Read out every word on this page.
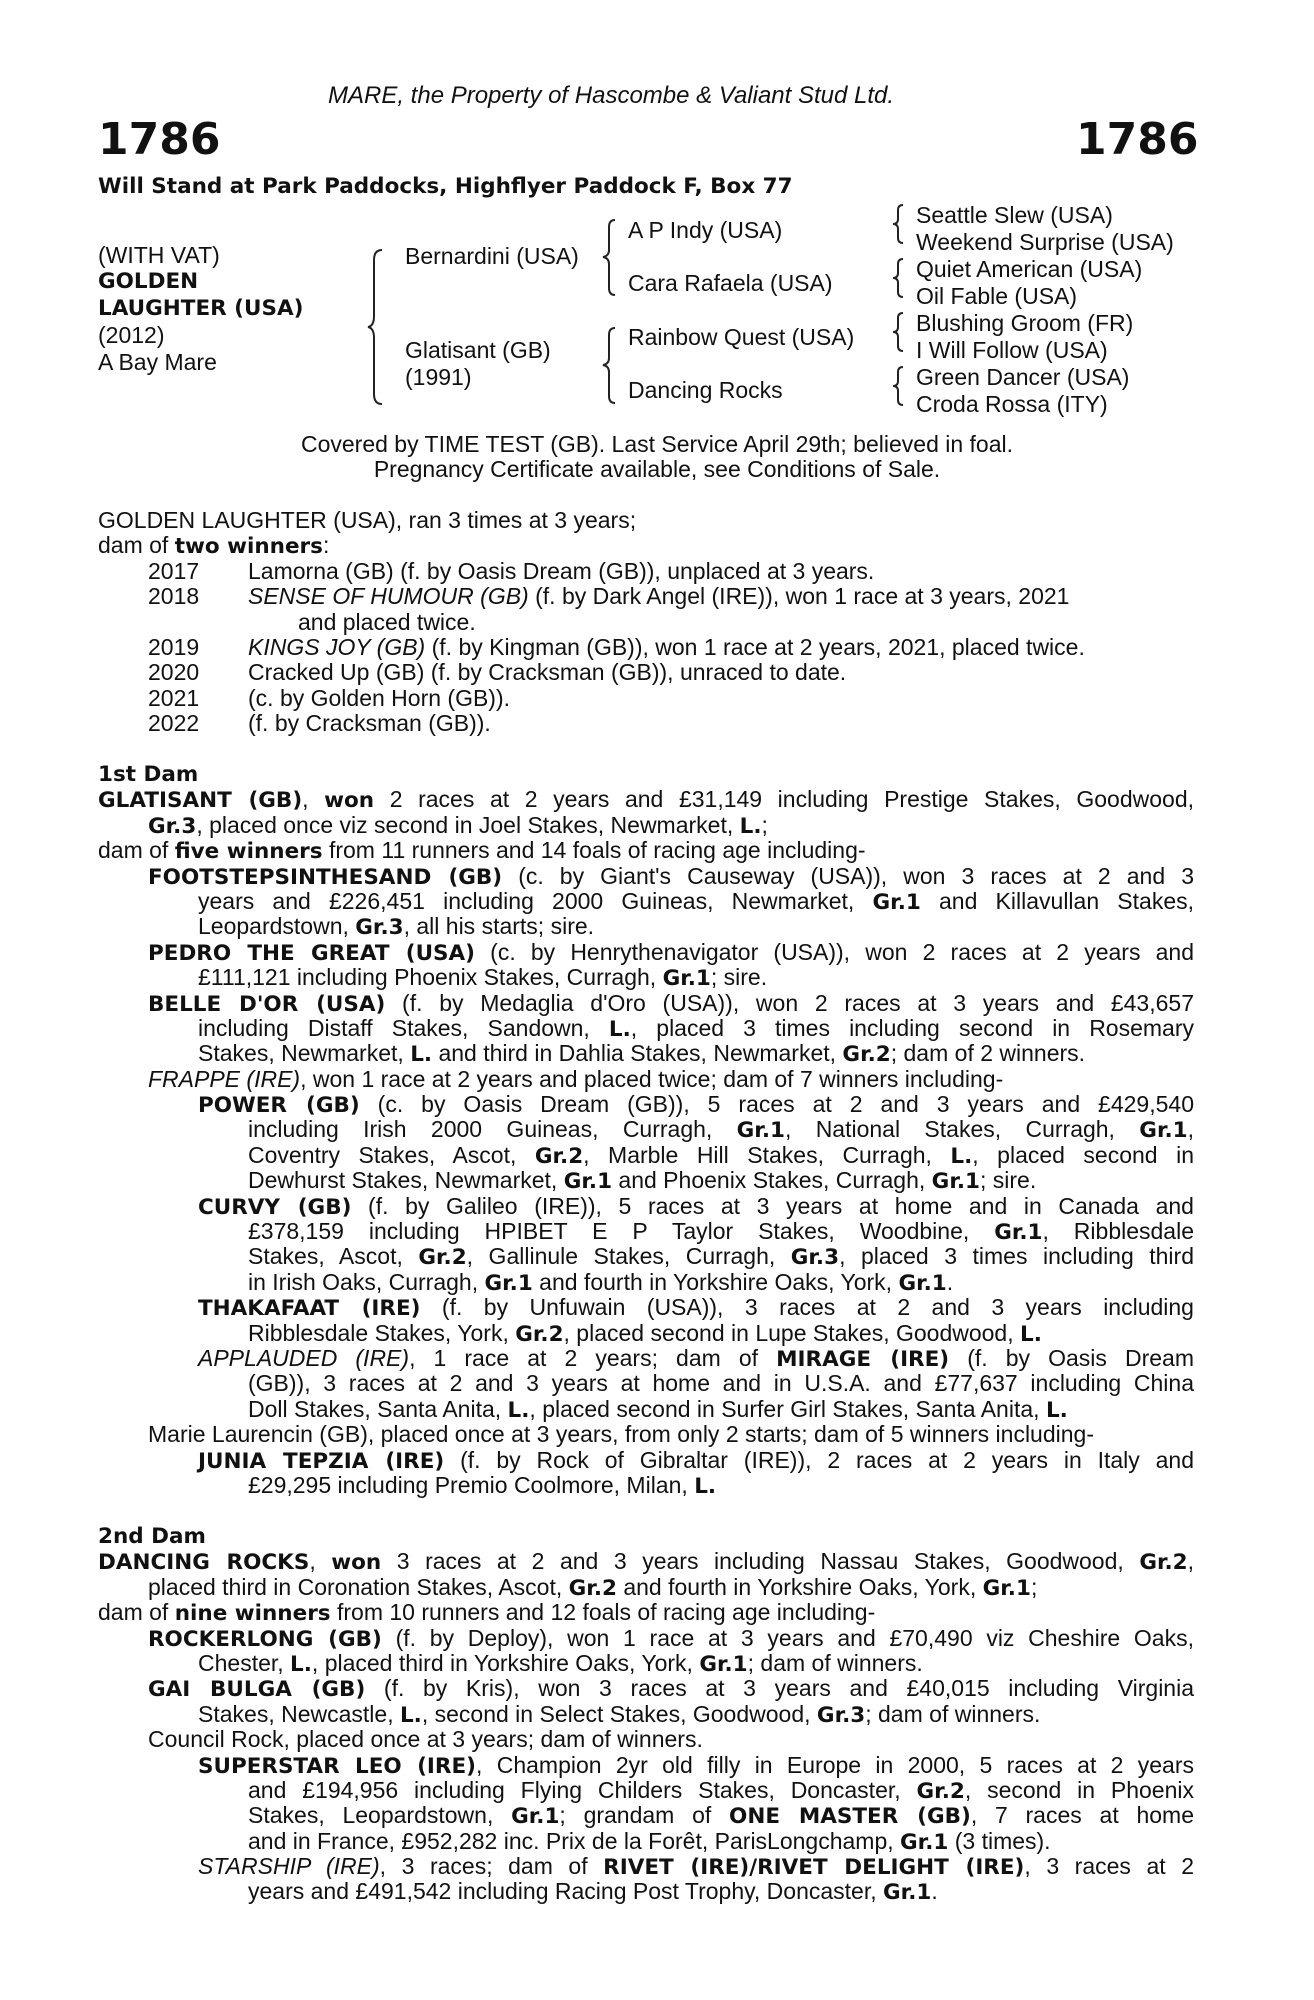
MARE, the Property of Hascombe & Valiant Stud Ltd.
1786	1786
Will Stand at Park Paddocks, Highflyer Paddock F, Box 77
(WITH VAT)
GOLDEN
LAUGHTER (USA)
(2012)
A Bay Mare
Bernardini (USA)
Glatisant (GB)
(1991)
A P Indy (USA)
Cara Rafaela (USA)
Rainbow Quest (USA)
Dancing Rocks
Seattle Slew (USA)
Weekend Surprise (USA)
Quiet American (USA)
Oil Fable (USA)
Blushing Groom (FR)
I Will Follow (USA)
Green Dancer (USA)
Croda Rossa (ITY)
Covered by TIME TEST (GB). Last Service April 29th; believed in foal.
Pregnancy Certificate available, see Conditions of Sale.
GOLDEN LAUGHTER (USA), ran 3 times at 3 years;
dam of two winners:
2017 Lamorna (GB) (f. by Oasis Dream (GB)), unplaced at 3 years.
2018 SENSE OF HUMOUR (GB) (f. by Dark Angel (IRE)), won 1 race at 3 years, 2021
and placed twice.
2019 KINGS JOY (GB) (f. by Kingman (GB)), won 1 race at 2 years, 2021, placed twice.
2020 Cracked Up (GB) (f. by Cracksman (GB)), unraced to date.
2021 (c. by Golden Horn (GB)).
2022 (f. by Cracksman (GB)).
1st Dam
GLATISANT (GB), won 2 races at 2 years and £31,149 including Prestige Stakes, Goodwood,
Gr.3, placed once viz second in Joel Stakes, Newmarket, L.;
dam of five winners from 11 runners and 14 foals of racing age including-
FOOTSTEPSINTHESAND (GB) (c. by Giant's Causeway (USA)), won 3 races at 2 and 3
years and £226,451 including 2000 Guineas, Newmarket, Gr.1 and Killavullan Stakes,
Leopardstown, Gr.3, all his starts; sire.
PEDRO THE GREAT (USA) (c. by Henrythenavigator (USA)), won 2 races at 2 years and
£111,121 including Phoenix Stakes, Curragh, Gr.1; sire.
BELLE D'OR (USA) (f. by Medaglia d'Oro (USA)), won 2 races at 3 years and £43,657
including Distaff Stakes, Sandown, L., placed 3 times including second in Rosemary
Stakes, Newmarket, L. and third in Dahlia Stakes, Newmarket, Gr.2; dam of 2 winners.
FRAPPE (IRE), won 1 race at 2 years and placed twice; dam of 7 winners including-
POWER (GB) (c. by Oasis Dream (GB)), 5 races at 2 and 3 years and £429,540
including Irish 2000 Guineas, Curragh, Gr.1, National Stakes, Curragh, Gr.1,
Coventry Stakes, Ascot, Gr.2, Marble Hill Stakes, Curragh, L., placed second in
Dewhurst Stakes, Newmarket, Gr.1 and Phoenix Stakes, Curragh, Gr.1; sire.
CURVY (GB) (f. by Galileo (IRE)), 5 races at 3 years at home and in Canada and
£378,159 including HPIBET E P Taylor Stakes, Woodbine, Gr.1, Ribblesdale
Stakes, Ascot, Gr.2, Gallinule Stakes, Curragh, Gr.3, placed 3 times including third
in Irish Oaks, Curragh, Gr.1 and fourth in Yorkshire Oaks, York, Gr.1.
THAKAFAAT (IRE) (f. by Unfuwain (USA)), 3 races at 2 and 3 years including
Ribblesdale Stakes, York, Gr.2, placed second in Lupe Stakes, Goodwood, L.
APPLAUDED (IRE), 1 race at 2 years; dam of MIRAGE (IRE) (f. by Oasis Dream
(GB)), 3 races at 2 and 3 years at home and in U.S.A. and £77,637 including China
Doll Stakes, Santa Anita, L., placed second in Surfer Girl Stakes, Santa Anita, L.
Marie Laurencin (GB), placed once at 3 years, from only 2 starts; dam of 5 winners including-
JUNIA TEPZIA (IRE) (f. by Rock of Gibraltar (IRE)), 2 races at 2 years in Italy and
£29,295 including Premio Coolmore, Milan, L.
2nd Dam
DANCING ROCKS, won 3 races at 2 and 3 years including Nassau Stakes, Goodwood, Gr.2,
placed third in Coronation Stakes, Ascot, Gr.2 and fourth in Yorkshire Oaks, York, Gr.1;
dam of nine winners from 10 runners and 12 foals of racing age including-
ROCKERLONG (GB) (f. by Deploy), won 1 race at 3 years and £70,490 viz Cheshire Oaks,
Chester, L., placed third in Yorkshire Oaks, York, Gr.1; dam of winners.
GAI BULGA (GB) (f. by Kris), won 3 races at 3 years and £40,015 including Virginia
Stakes, Newcastle, L., second in Select Stakes, Goodwood, Gr.3; dam of winners.
Council Rock, placed once at 3 years; dam of winners.
SUPERSTAR LEO (IRE), Champion 2yr old filly in Europe in 2000, 5 races at 2 years
and £194,956 including Flying Childers Stakes, Doncaster, Gr.2, second in Phoenix
Stakes, Leopardstown, Gr.1; grandam of ONE MASTER (GB), 7 races at home
and in France, £952,282 inc. Prix de la Forêt, ParisLongchamp, Gr.1 (3 times).
STARSHIP (IRE), 3 races; dam of RIVET (IRE)/RIVET DELIGHT (IRE), 3 races at 2
years and £491,542 including Racing Post Trophy, Doncaster, Gr.1.
